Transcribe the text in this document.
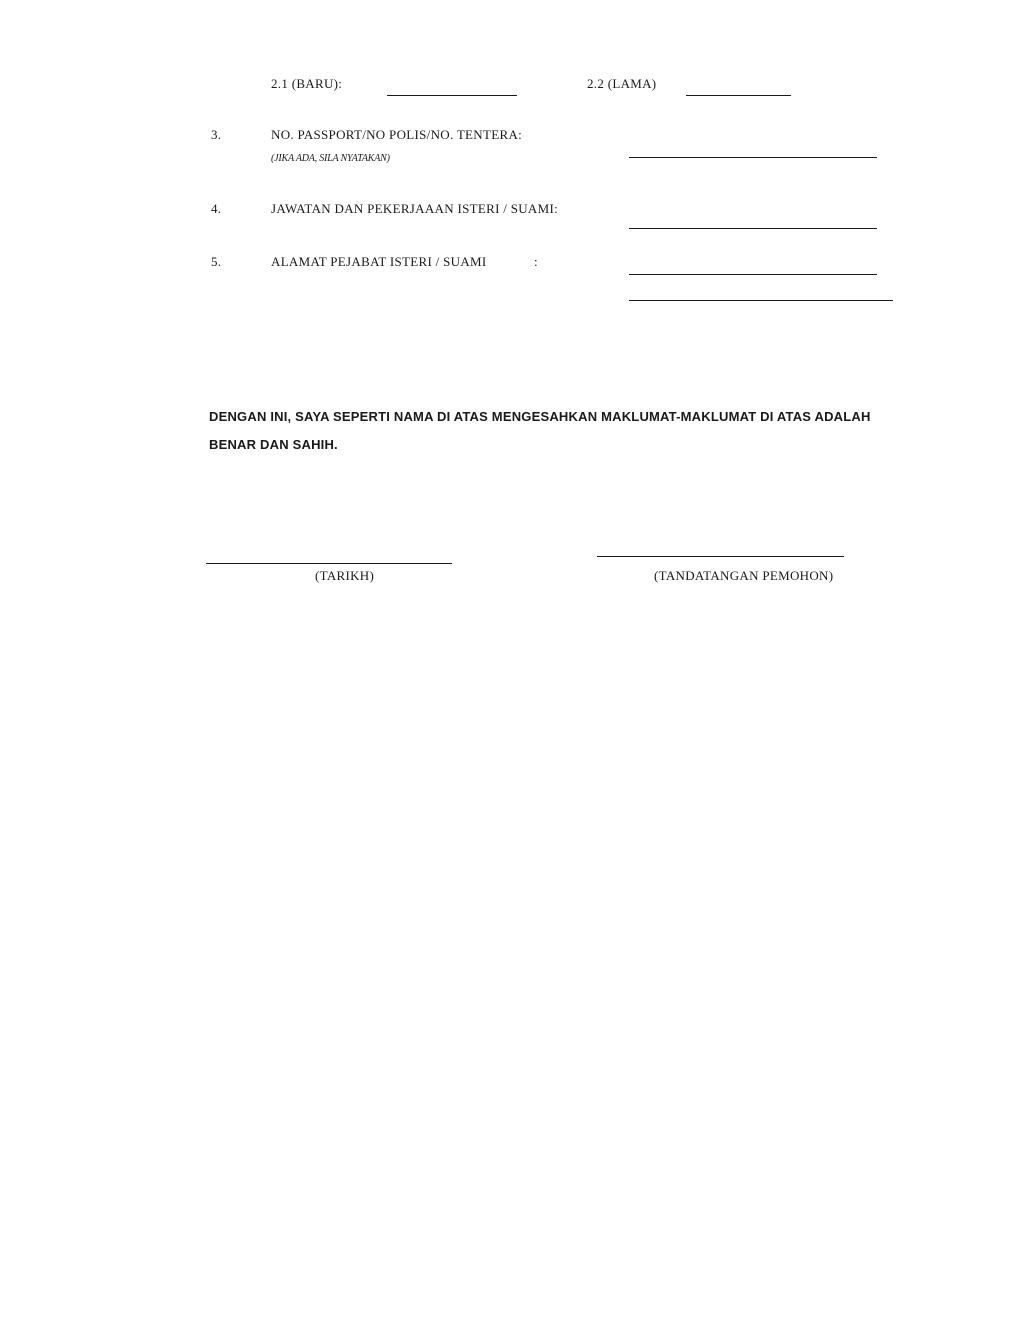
2.1 (BARU):	2.2 (LAMA)
3.	NO. PASSPORT/NO POLIS/NO. TENTERA:
(JIKA ADA, SILA NYATAKAN)
4.	JAWATAN DAN PEKERJAAAN ISTERI / SUAMI:
5.	ALAMAT PEJABAT ISTERI / SUAMI	:
DENGAN INI, SAYA SEPERTI NAMA DI ATAS MENGESAHKAN MAKLUMAT-MAKLUMAT DI ATAS ADALAH
BENAR DAN SAHIH.
(TARIKH)	(TANDATANGAN PEMOHON)
